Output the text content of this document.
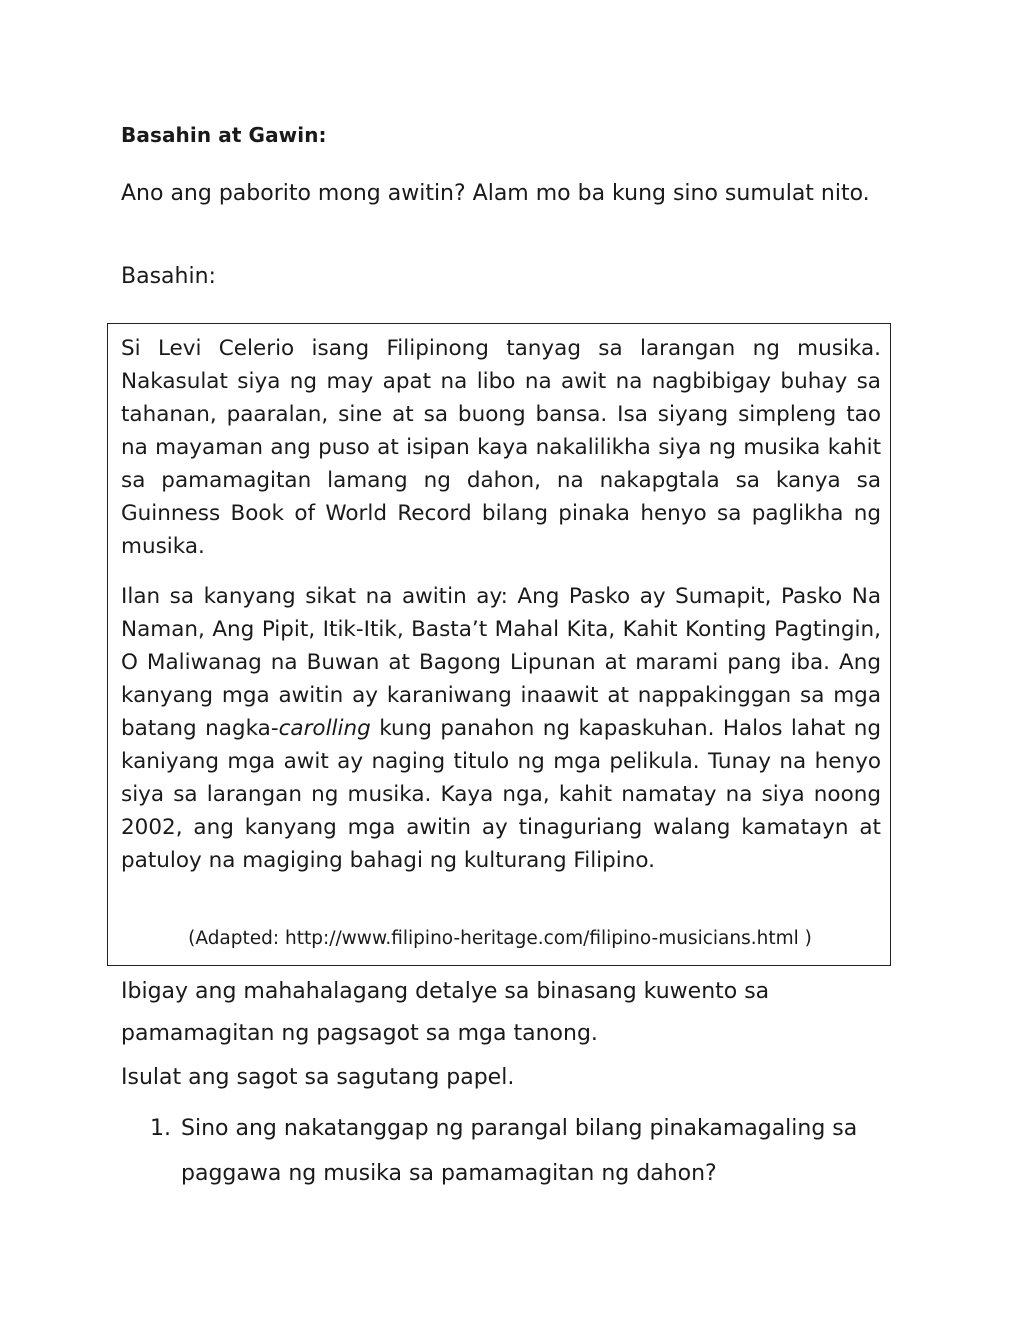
Basahin at Gawin:
Ano ang paborito mong awitin? Alam mo ba kung sino sumulat nito.
Basahin:

Si Levi Celerio isang Filipinong tanyag sa larangan ng musika. Nakasulat siya ng may apat na libo na awit na nagbibigay buhay sa tahanan, paaralan, sine at sa buong bansa. Isa siyang simpleng tao na mayaman ang puso at isipan kaya nakalilikha siya ng musika kahit sa pamamagitan lamang ng dahon, na nakapgtala sa kanya sa Guinness Book of World Record bilang pinaka henyo sa paglikha ng musika.

Ilan sa kanyang sikat na awitin ay: Ang Pasko ay Sumapit, Pasko Na Naman, Ang Pipit, Itik-Itik, Basta’t Mahal Kita, Kahit Konting Pagtingin, O Maliwanag na Buwan at Bagong Lipunan at marami pang iba. Ang kanyang mga awitin ay karaniwang inaawit at nappakinggan sa mga batang nagka-carolling kung panahon ng kapaskuhan. Halos lahat ng kaniyang mga awit ay naging titulo ng mga pelikula. Tunay na henyo siya sa larangan ng musika. Kaya nga, kahit namatay na siya noong 2002, ang kanyang mga awitin ay tinaguriang walang kamatayn at patuloy na magiging bahagi ng kulturang Filipino.

(Adapted: http://www.filipino-heritage.com/filipino-musicians.html )
Ibigay ang mahahalagang detalye sa binasang kuwento sa
pamamagitan ng pagsagot sa mga tanong.
Isulat ang sagot sa sagutang papel.
1. Sino ang nakatanggap ng parangal bilang pinakamagaling sa paggawa ng musika sa pamamagitan ng dahon?
